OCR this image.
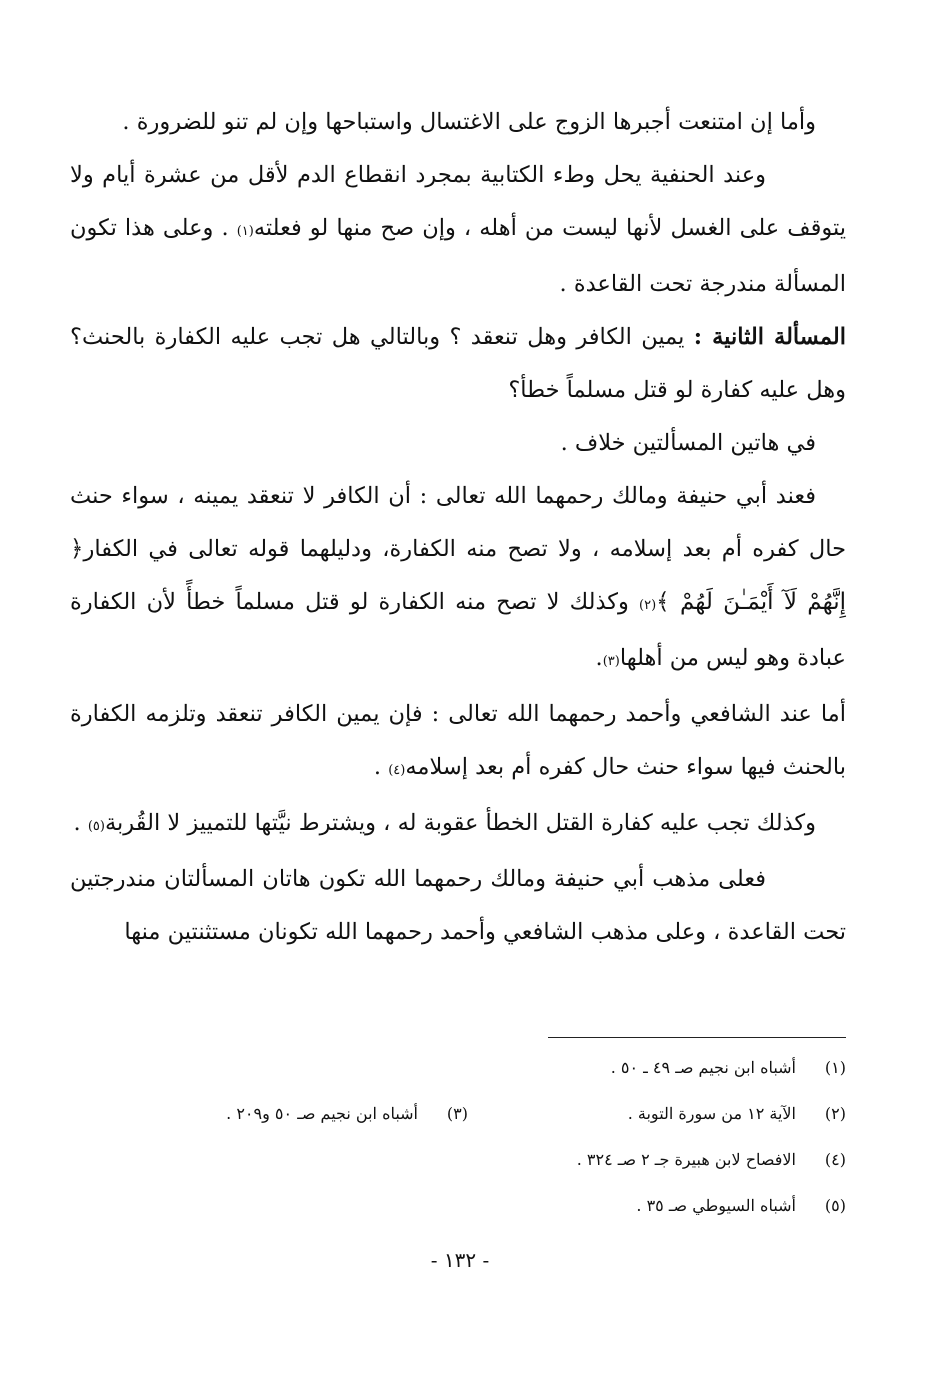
وأما إن امتنعت أجبرها الزوج على الاغتسال واستباحها وإن لم تنو للضرورة .

وعند الحنفية يحل وطء الكتابية بمجرد انقطاع الدم لأقل من عشرة أيام ولا يتوقف على الغسل لأنها ليست من أهله ، وإن صح منها لو فعلته(١) . وعلى هذا تكون المسألة مندرجة تحت القاعدة .

المسألة الثانية : يمين الكافر وهل تنعقد ؟ وبالتالي هل تجب عليه الكفارة بالحنث؟ وهل عليه كفارة لو قتل مسلماً خطأ؟

في هاتين المسألتين خلاف .

فعند أبي حنيفة ومالك رحمهما الله تعالى : أن الكافر لا تنعقد يمينه ، سواء حنث حال كفره أم بعد إسلامه ، ولا تصح منه الكفارة، ودليلهما قوله تعالى في الكفار﴿ إِنَّهُمْ لَآ أَيْمَـٰنَ لَهُمْ ﴾(٢) وكذلك لا تصح منه الكفارة لو قتل مسلماً خطأً لأن الكفارة عبادة وهو ليس من أهلها(٣).

أما عند الشافعي وأحمد رحمهما الله تعالى : فإن يمين الكافر تنعقد وتلزمه الكفارة بالحنث فيها سواء حنث حال كفره أم بعد إسلامه(٤) .

وكذلك تجب عليه كفارة القتل الخطأ عقوبة له ، ويشترط نيَّتها للتمييز لا القُربة(٥) .

فعلى مذهب أبي حنيفة ومالك رحمهما الله تكون هاتان المسألتان مندرجتين تحت القاعدة ، وعلى مذهب الشافعي وأحمد رحمهما الله تكونان مستثنتين منها

(١)
أشباه ابن نجيم صـ ٤٩ ـ ٥٠ .
(٢)
الآية ١٢ من سورة التوبة .
(٣)
أشباه ابن نجيم صـ ٥٠ و٢٠٩ .
(٤)
الافصاح لابن هبيرة جـ ٢ صـ ٣٢٤ .
(٥)
أشباه السيوطي صـ ٣٥ .
- ١٣٢ -
